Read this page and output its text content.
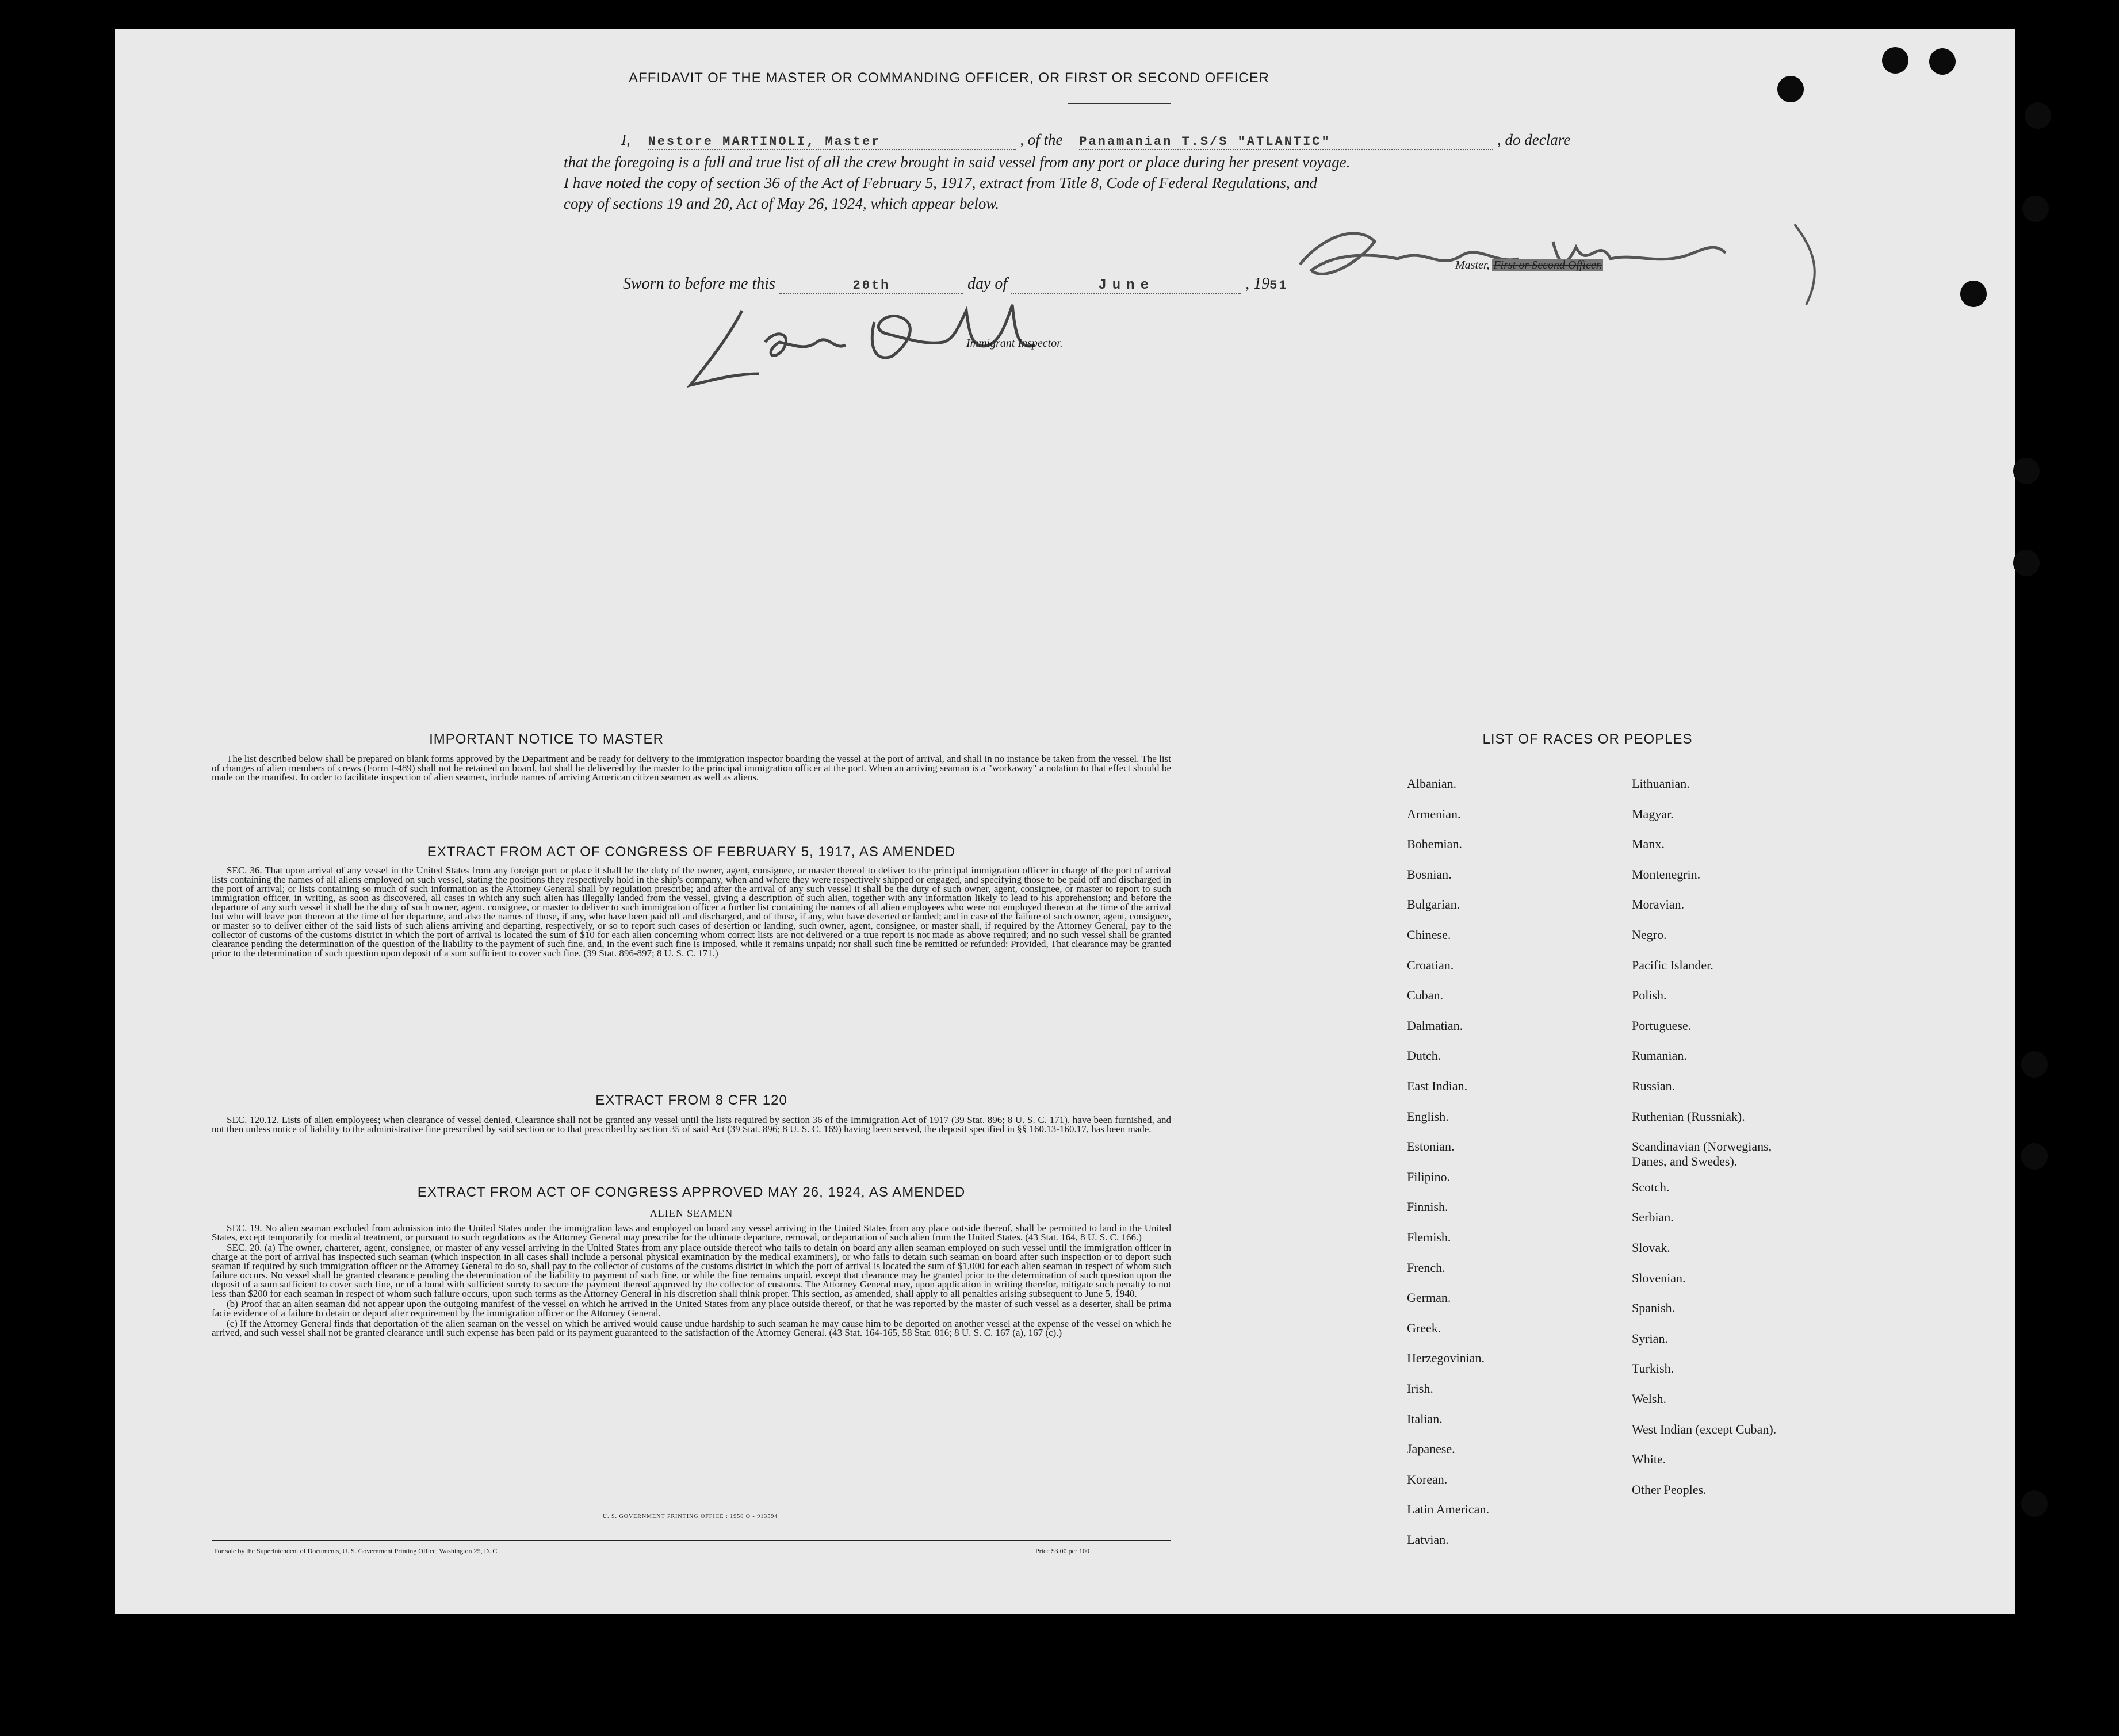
AFFIDAVIT OF THE MASTER OR COMMANDING OFFICER, OR FIRST OR SECOND OFFICER
I, Nestore MARTINOLI, Master	, of the Panamanian T.S/S "ATLANTIC"	, do declare
that the foregoing is a full and true list of all the crew brought in said vessel from any port or place during her present voyage.
I have noted the copy of section 36 of the Act of February 5, 1917, extract from Title 8, Code of Federal Regulations, and
copy of sections 19 and 20, Act of May 26, 1924, which appear below.
Master, First or Second Officer.
Sworn to before me this	20th	day of	June	, 1951
Immigrant Inspector.
IMPORTANT NOTICE TO MASTER

The list described below shall be prepared on blank forms approved by the Department and be ready for delivery to the immigration inspector boarding the vessel at the port of arrival, and shall in no instance be taken from the vessel. The list of changes of alien members of crews (Form I-489) shall not be retained on board, but shall be delivered by the master to the principal immigration officer at the port. When an arriving seaman is a "workaway" a notation to that effect should be made on the manifest. In order to facilitate inspection of alien seamen, include names of arriving American citizen seamen as well as aliens.

EXTRACT FROM ACT OF CONGRESS OF FEBRUARY 5, 1917, AS AMENDED

SEC. 36. That upon arrival of any vessel in the United States from any foreign port or place it shall be the duty of the owner, agent, consignee, or master thereof to deliver to the principal immigration officer in charge of the port of arrival lists containing the names of all aliens employed on such vessel, stating the positions they respectively hold in the ship's company, when and where they were respectively shipped or engaged, and specifying those to be paid off and discharged in the port of arrival; or lists containing so much of such information as the Attorney General shall by regulation prescribe; and after the arrival of any such vessel it shall be the duty of such owner, agent, consignee, or master to report to such immigration officer, in writing, as soon as discovered, all cases in which any such alien has illegally landed from the vessel, giving a description of such alien, together with any information likely to lead to his apprehension; and before the departure of any such vessel it shall be the duty of such owner, agent, consignee, or master to deliver to such immigration officer a further list containing the names of all alien employees who were not employed thereon at the time of the arrival but who will leave port thereon at the time of her departure, and also the names of those, if any, who have been paid off and discharged, and of those, if any, who have deserted or landed; and in case of the failure of such owner, agent, consignee, or master so to deliver either of the said lists of such aliens arriving and departing, respectively, or so to report such cases of desertion or landing, such owner, agent, consignee, or master shall, if required by the Attorney General, pay to the collector of customs of the customs district in which the port of arrival is located the sum of $10 for each alien concerning whom correct lists are not delivered or a true report is not made as above required; and no such vessel shall be granted clearance pending the determination of the question of the liability to the payment of such fine, and, in the event such fine is imposed, while it remains unpaid; nor shall such fine be remitted or refunded: Provided, That clearance may be granted prior to the determination of such question upon deposit of a sum sufficient to cover such fine. (39 Stat. 896-897; 8 U. S. C. 171.)

EXTRACT FROM 8 CFR 120

SEC. 120.12. Lists of alien employees; when clearance of vessel denied. Clearance shall not be granted any vessel until the lists required by section 36 of the Immigration Act of 1917 (39 Stat. 896; 8 U. S. C. 171), have been furnished, and not then unless notice of liability to the administrative fine prescribed by said section or to that prescribed by section 35 of said Act (39 Stat. 896; 8 U. S. C. 169) having been served, the deposit specified in §§ 160.13-160.17, has been made.

EXTRACT FROM ACT OF CONGRESS APPROVED MAY 26, 1924, AS AMENDED
ALIEN SEAMEN

SEC. 19. No alien seaman excluded from admission into the United States under the immigration laws and employed on board any vessel arriving in the United States from any place outside thereof, shall be permitted to land in the United States, except temporarily for medical treatment, or pursuant to such regulations as the Attorney General may prescribe for the ultimate departure, removal, or deportation of such alien from the United States. (43 Stat. 164, 8 U. S. C. 166.)

SEC. 20. (a) The owner, charterer, agent, consignee, or master of any vessel arriving in the United States from any place outside thereof who fails to detain on board any alien seaman employed on such vessel until the immigration officer in charge at the port of arrival has inspected such seaman (which inspection in all cases shall include a personal physical examination by the medical examiners), or who fails to detain such seaman on board after such inspection or to deport such seaman if required by such immigration officer or the Attorney General to do so, shall pay to the collector of customs of the customs district in which the port of arrival is located the sum of $1,000 for each alien seaman in respect of whom such failure occurs. No vessel shall be granted clearance pending the determination of the liability to payment of such fine, or while the fine remains unpaid, except that clearance may be granted prior to the determination of such question upon the deposit of a sum sufficient to cover such fine, or of a bond with sufficient surety to secure the payment thereof approved by the collector of customs. The Attorney General may, upon application in writing therefor, mitigate such penalty to not less than $200 for each seaman in respect of whom such failure occurs, upon such terms as the Attorney General in his discretion shall think proper. This section, as amended, shall apply to all penalties arising subsequent to June 5, 1940.

(b) Proof that an alien seaman did not appear upon the outgoing manifest of the vessel on which he arrived in the United States from any place outside thereof, or that he was reported by the master of such vessel as a deserter, shall be prima facie evidence of a failure to detain or deport after requirement by the immigration officer or the Attorney General.

(c) If the Attorney General finds that deportation of the alien seaman on the vessel on which he arrived would cause undue hardship to such seaman he may cause him to be deported on another vessel at the expense of the vessel on which he arrived, and such vessel shall not be granted clearance until such expense has been paid or its payment guaranteed to the satisfaction of the Attorney General. (43 Stat. 164-165, 58 Stat. 816; 8 U. S. C. 167 (a), 167 (c).)

U. S. GOVERNMENT PRINTING OFFICE : 1950 O - 913594
For sale by the Superintendent of Documents, U. S. Government Printing Office, Washington 25, D. C.	Price $3.00 per 100
LIST OF RACES OR PEOPLES
Albanian.
Armenian.
Bohemian.
Bosnian.
Bulgarian.
Chinese.
Croatian.
Cuban.
Dalmatian.
Dutch.
East Indian.
English.
Estonian.
Filipino.
Finnish.
Flemish.
French.
German.
Greek.
Herzegovinian.
Irish.
Italian.
Japanese.
Korean.
Latin American.
Latvian.
Lithuanian.
Magyar.
Manx.
Montenegrin.
Moravian.
Negro.
Pacific Islander.
Polish.
Portuguese.
Rumanian.
Russian.
Ruthenian (Russniak).
Scandinavian (Norwegians,
Danes, and Swedes).
Scotch.
Serbian.
Slovak.
Slovenian.
Spanish.
Syrian.
Turkish.
Welsh.
West Indian (except Cuban).
White.
Other Peoples.
